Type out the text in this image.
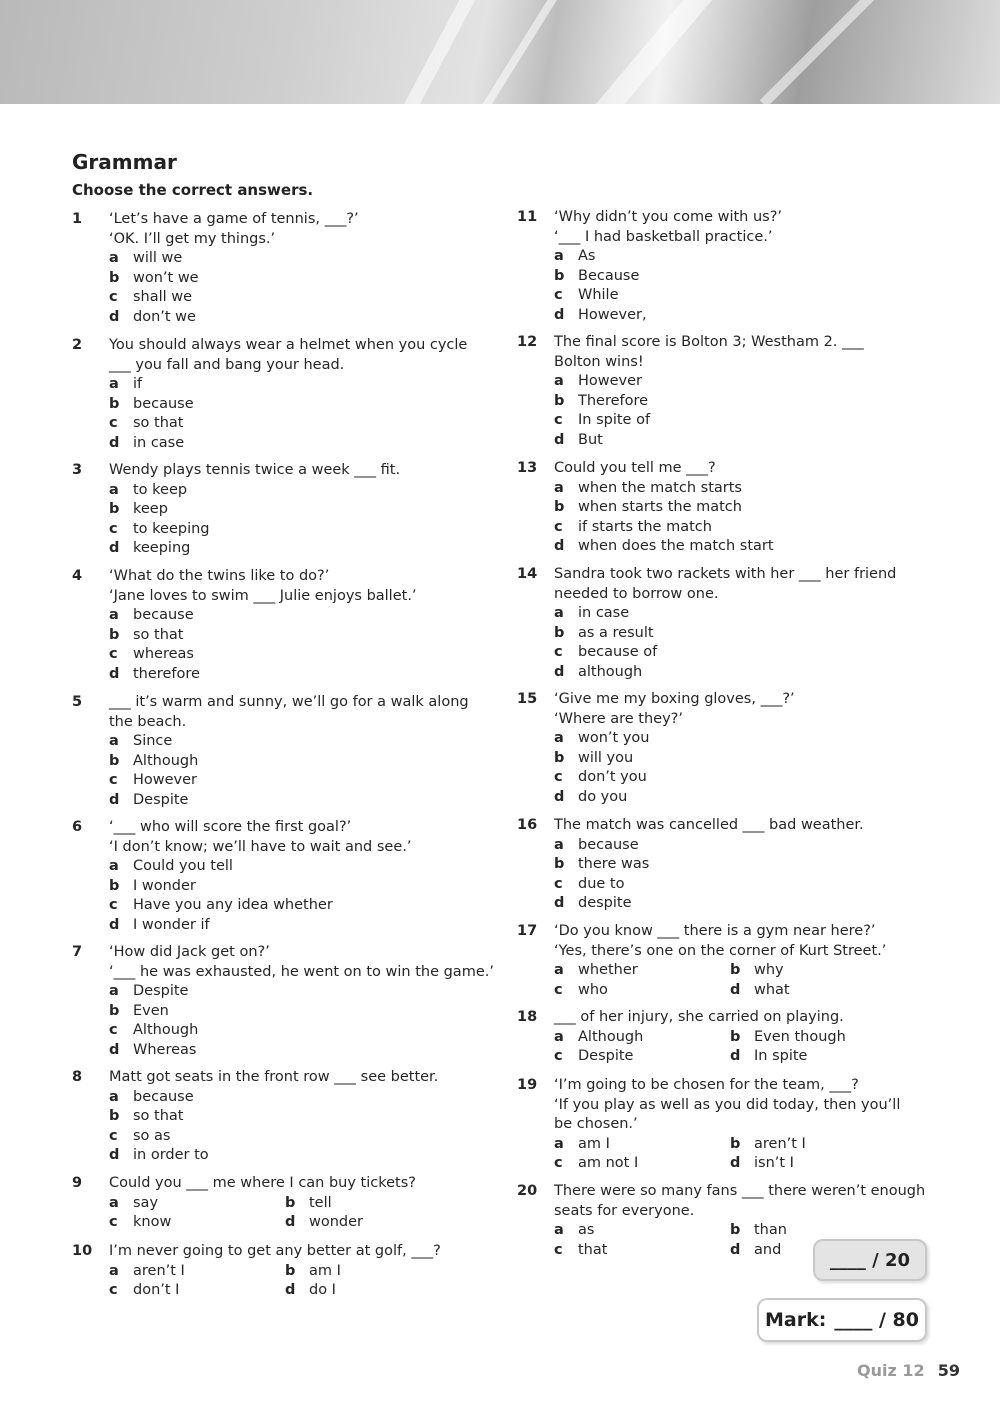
Grammar
Choose the correct answers.
1	‘Let’s have a game of tennis, ___?’
‘OK. I’ll get my things.’
a will we
b won’t we
c shall we
d don’t we
2	You should always wear a helmet when you cycle
___ you fall and bang your head.
a if
b because
c so that
d in case
3	Wendy plays tennis twice a week ___ fit.
a to keep
b keep
c to keeping
d keeping
4	‘What do the twins like to do?’
‘Jane loves to swim ___ Julie enjoys ballet.’
a because
b so that
c whereas
d therefore
5	___ it’s warm and sunny, we’ll go for a walk along
the beach.
a Since
b Although
c However
d Despite
6	‘___ who will score the first goal?’
‘I don’t know; we’ll have to wait and see.’
a Could you tell
b I wonder
c Have you any idea whether
d I wonder if
7	‘How did Jack get on?’
‘___ he was exhausted, he went on to win the game.’
a Despite
b Even
c Although
d Whereas
8	Matt got seats in the front row ___ see better.
a because
b so that
c so as
d in order to
9	Could you ___ me where I can buy tickets?
a say	b tell
c know	d wonder
10	I’m never going to get any better at golf, ___?
a aren’t I	b am I
c don’t I	d do I
11	‘Why didn’t you come with us?’
‘___ I had basketball practice.’
a As
b Because
c While
d However,
12	The final score is Bolton 3; Westham 2. ___
Bolton wins!
a However
b Therefore
c In spite of
d But
13	Could you tell me ___?
a when the match starts
b when starts the match
c if starts the match
d when does the match start
14	Sandra took two rackets with her ___ her friend
needed to borrow one.
a in case
b as a result
c because of
d although
15	‘Give me my boxing gloves, ___?’
‘Where are they?’
a won’t you
b will you
c don’t you
d do you
16	The match was cancelled ___ bad weather.
a because
b there was
c due to
d despite
17	‘Do you know ___ there is a gym near here?’
‘Yes, there’s one on the corner of Kurt Street.’
a whether	b why
c who	d what
18	___ of her injury, she carried on playing.
a Although	b Even though
c Despite	d In spite
19	‘I’m going to be chosen for the team, ___?
‘If you play as well as you did today, then you’ll
be chosen.’
a am I	b aren’t I
c am not I	d isn’t I
20	There were so many fans ___ there weren’t enough
seats for everyone.
a as	b than
c that	d and	____ / 20
Mark : ____ / 80
Quiz 12 59
